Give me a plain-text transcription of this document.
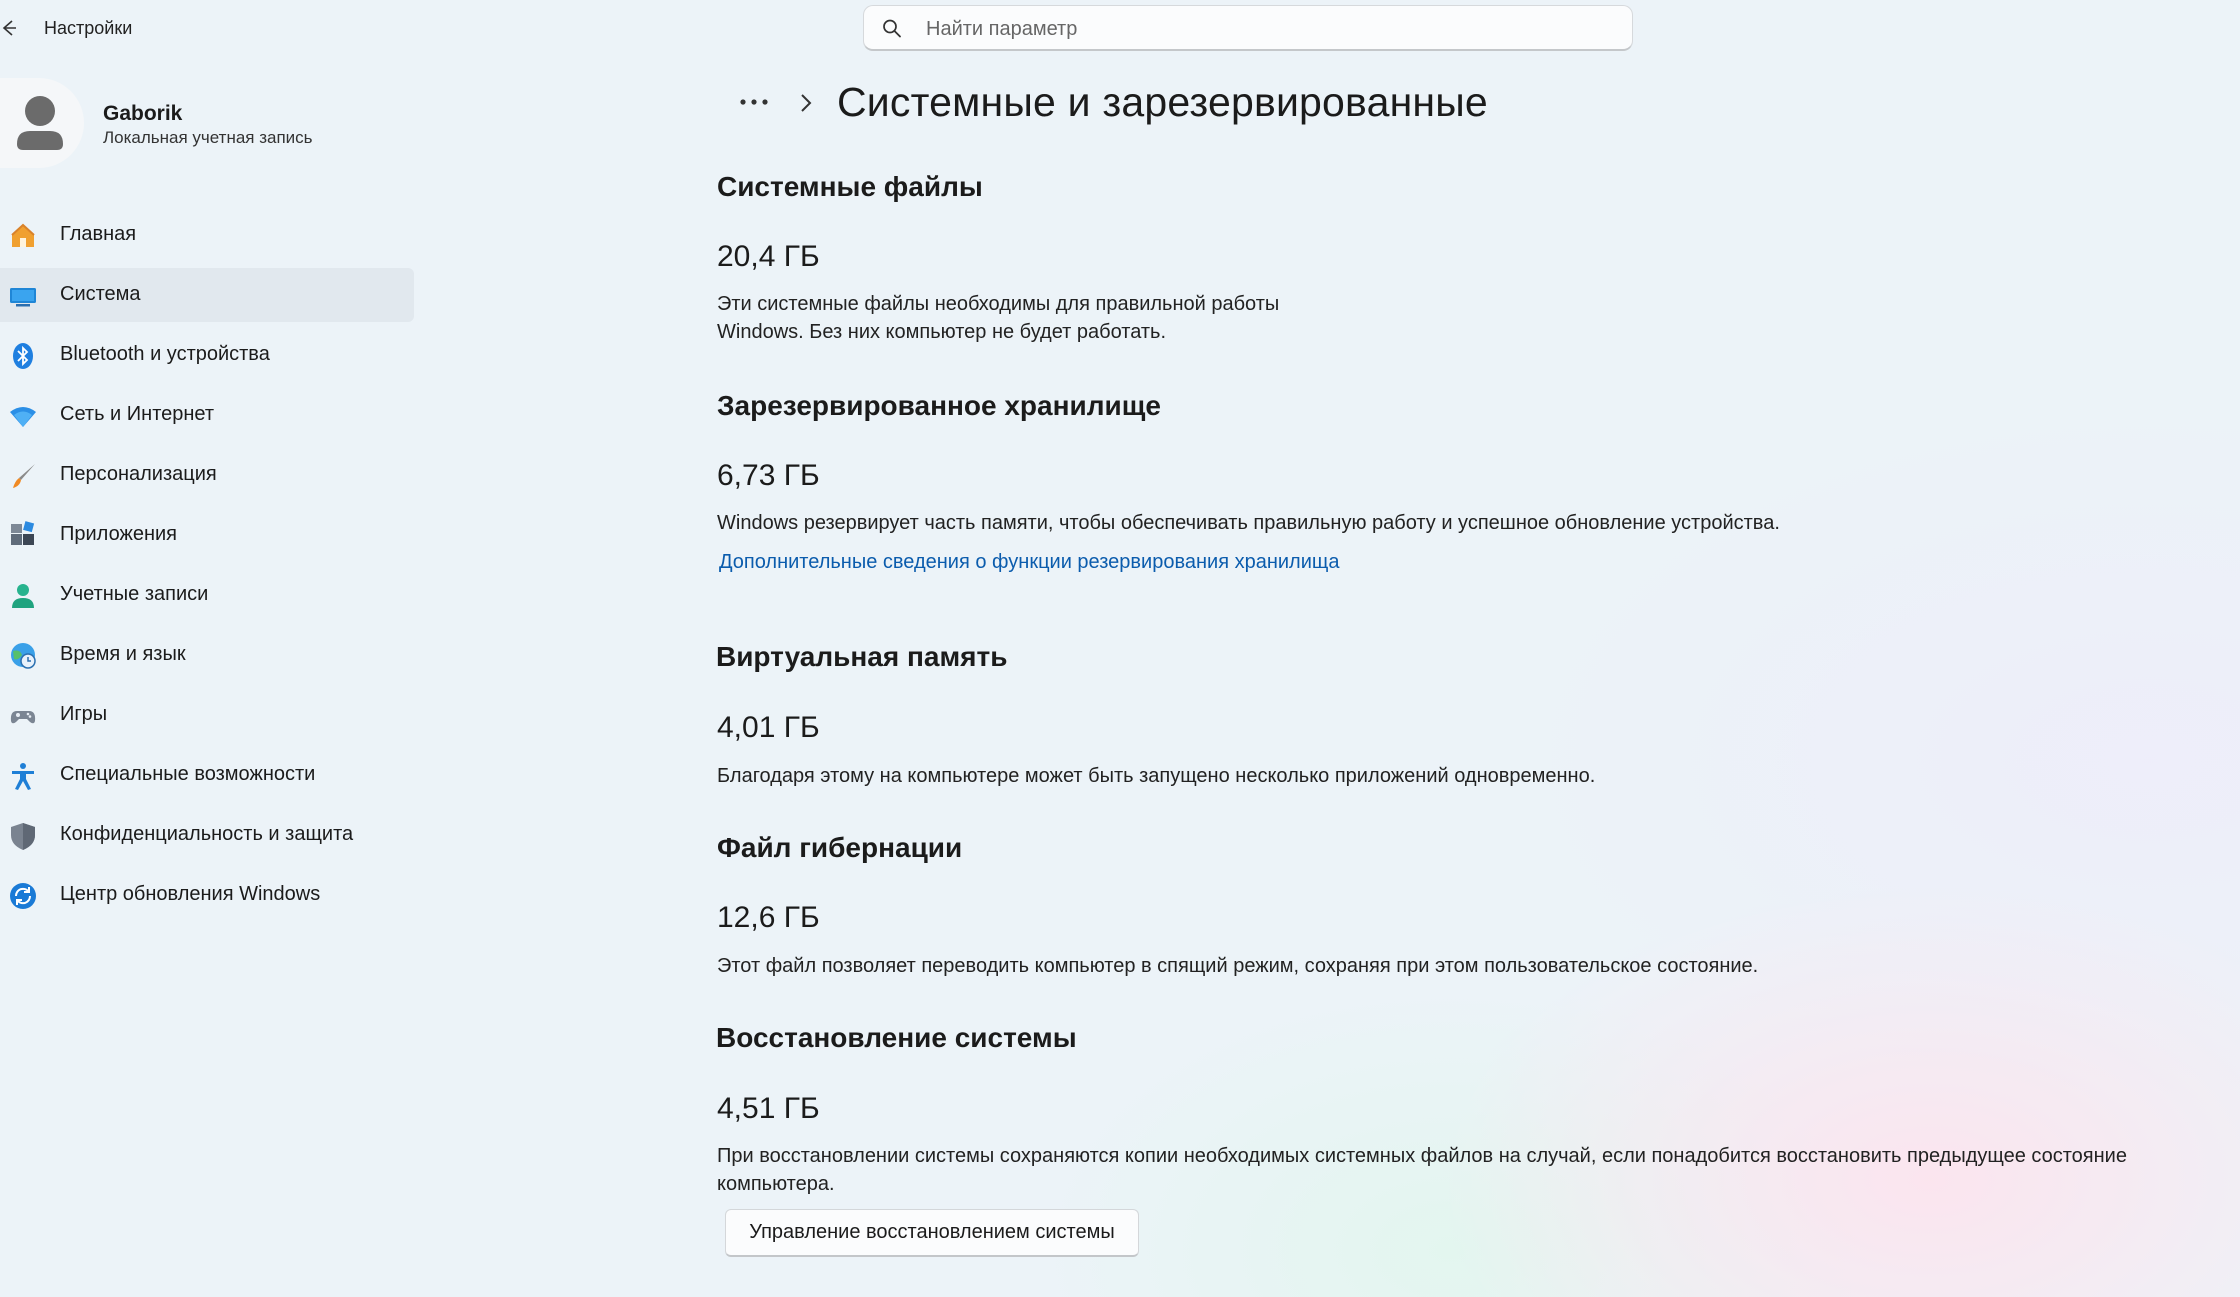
Настройки
Найти параметр
Gaborik
Локальная учетная запись
Главная
Система
Bluetooth и устройства
Сеть и Интернет
Персонализация
Приложения
Учетные записи
Время и язык
Игры
Специальные возможности
Конфиденциальность и защита
Центр обновления Windows
Системные и зарезервированные
Системные файлы
20,4 ГБ
Эти системные файлы необходимы для правильной работы
Windows. Без них компьютер не будет работать.
Зарезервированное хранилище
6,73 ГБ
Windows резервирует часть памяти, чтобы обеспечивать правильную работу и успешное обновление устройства.
Дополнительные сведения о функции резервирования хранилища
Виртуальная память
4,01 ГБ
Благодаря этому на компьютере может быть запущено несколько приложений одновременно.
Файл гибернации
12,6 ГБ
Этот файл позволяет переводить компьютер в спящий режим, сохраняя при этом пользовательское состояние.
Восстановление системы
4,51 ГБ
При восстановлении системы сохраняются копии необходимых системных файлов на случай, если понадобится восстановить предыдущее состояние
компьютера.
Управление восстановлением системы
